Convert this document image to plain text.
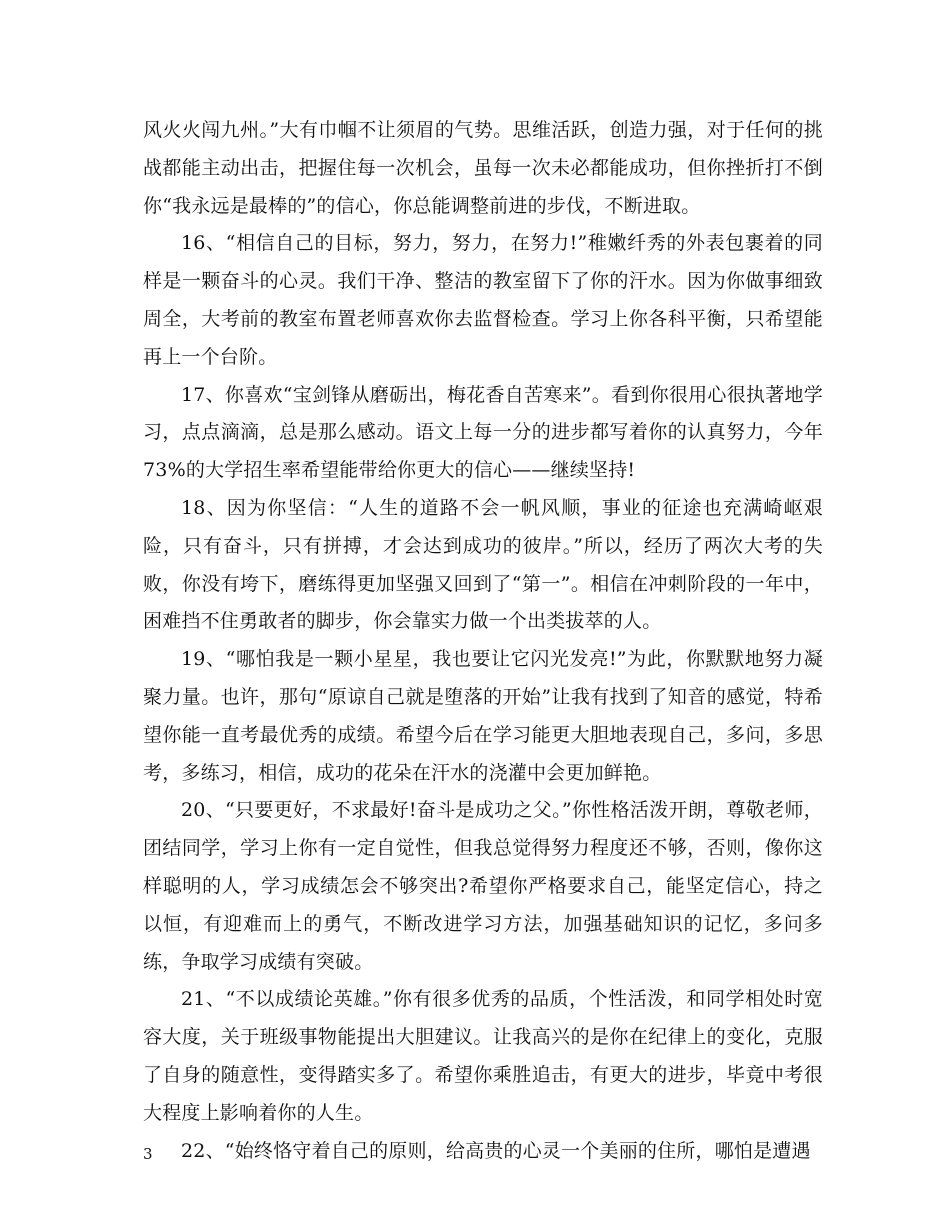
风火火闯九州。”大有巾帼不让须眉的气势。思维活跃，创造力强，对于任何的挑战都能主动出击，把握住每一次机会，虽每一次未必都能成功，但你挫折打不倒你“我永远是最棒的”的信心，你总能调整前进的步伐，不断进取。

16、“相信自己的目标，努力，努力，在努力!”稚嫩纤秀的外表包裹着的同样是一颗奋斗的心灵。我们干净、整洁的教室留下了你的汗水。因为你做事细致周全，大考前的教室布置老师喜欢你去监督检查。学习上你各科平衡，只希望能再上一个台阶。

17、你喜欢“宝剑锋从磨砺出，梅花香自苦寒来”。看到你很用心很执著地学习，点点滴滴，总是那么感动。语文上每一分的进步都写着你的认真努力，今年73%的大学招生率希望能带给你更大的信心——继续坚持!

18、因为你坚信：“人生的道路不会一帆风顺，事业的征途也充满崎岖艰险，只有奋斗，只有拼搏，才会达到成功的彼岸。”所以，经历了两次大考的失败，你没有垮下，磨练得更加坚强又回到了“第一”。相信在冲刺阶段的一年中，困难挡不住勇敢者的脚步，你会靠实力做一个出类拔萃的人。

19、“哪怕我是一颗小星星，我也要让它闪光发亮!”为此，你默默地努力凝聚力量。也许，那句“原谅自己就是堕落的开始”让我有找到了知音的感觉，特希望你能一直考最优秀的成绩。希望今后在学习能更大胆地表现自己，多问，多思考，多练习，相信，成功的花朵在汗水的浇灌中会更加鲜艳。

20、“只要更好，不求最好!奋斗是成功之父。”你性格活泼开朗，尊敬老师，团结同学，学习上你有一定自觉性，但我总觉得努力程度还不够，否则，像你这样聪明的人，学习成绩怎会不够突出?希望你严格要求自己，能坚定信心，持之以恒，有迎难而上的勇气，不断改进学习方法，加强基础知识的记忆，多问多练，争取学习成绩有突破。

21、“不以成绩论英雄。”你有很多优秀的品质，个性活泼，和同学相处时宽容大度，关于班级事物能提出大胆建议。让我高兴的是你在纪律上的变化，克服了自身的随意性，变得踏实多了。希望你乘胜追击，有更大的进步，毕竟中考很大程度上影响着你的人生。

22、“始终恪守着自己的原则，给高贵的心灵一个美丽的住所，哪怕是遭遇

3
